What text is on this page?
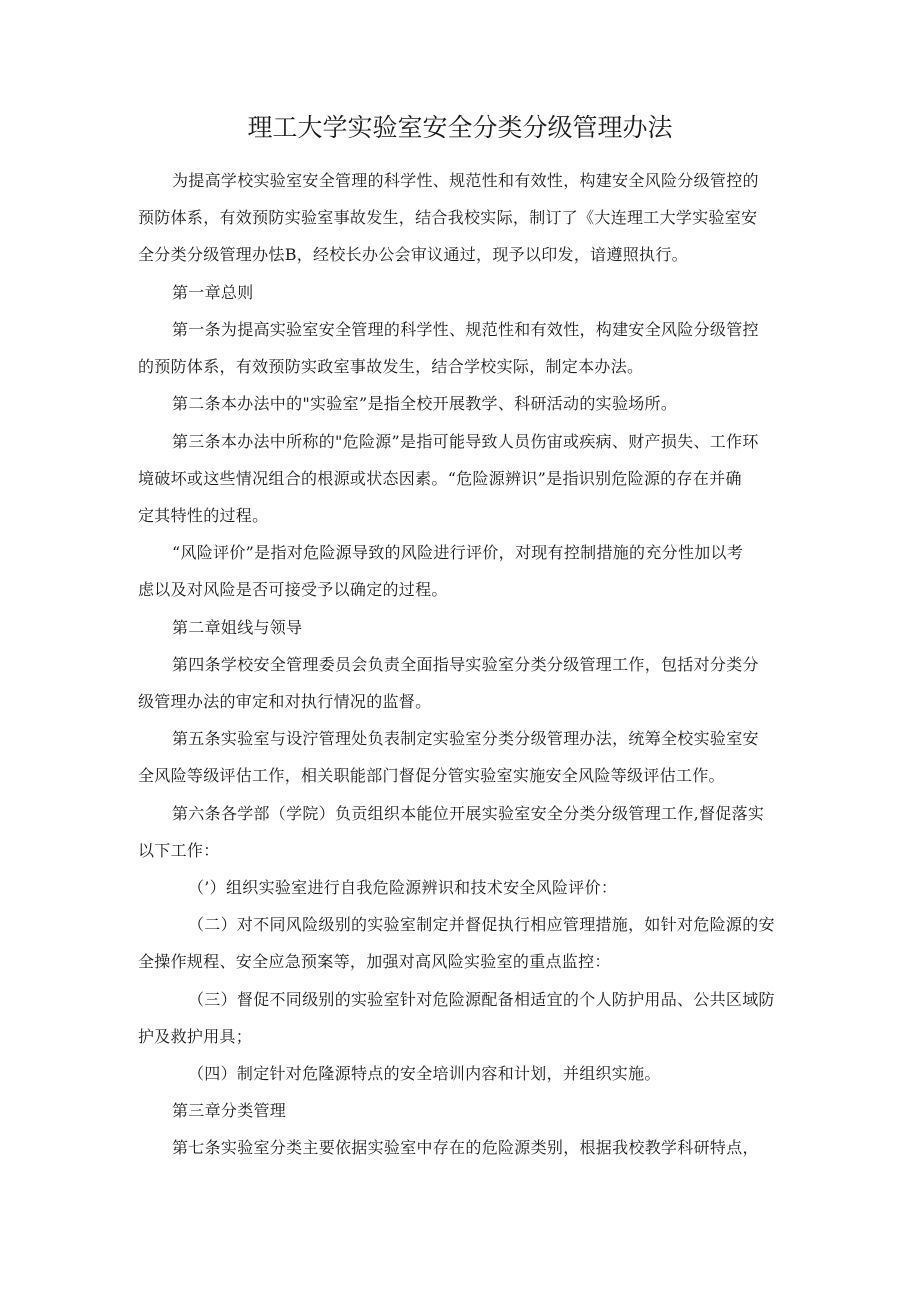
理工大学实验室安全分类分级管理办法
为提高学校实验室安全管理的科学性、规范性和有效性，构建安全风险分级管控的
预防体系，有效预防实验室事故发生，结合我校实际，制订了《大连理工大学实验室安
全分类分级管理办怯B，经校长办公会审议通过，现予以印发，谙遵照执行。
第一章总则
第一条为提高实验室安全管理的科学性、规范性和有效性，构建安全风险分级管控
的预防体系，有效预防实政室事故发生，结合学校实际，制定本办法。
第二条本办法中的"实验室”是指全校开展教学、科研活动的实验场所。
第三条本办法中所称的"危险源”是指可能导致人员伤宙或疾病、财产损失、工作环
境破坏或这些情况组合的根源或状态因素。“危险源辨识”是指识别危险源的存在并确
定其特性的过程。
“风险评价”是指对危险源导致的风险进行评价，对现有控制措施的充分性加以考
虑以及对风险是否可接受予以确定的过程。
第二章姐线与领导
第四条学校安全管理委员会负责全面指导实验室分类分级管理工作，包括对分类分
级管理办法的审定和对执行情况的监督。
第五条实验室与设泞管理处负表制定实验室分类分级管理办法，统筹全校实验室安
全风险等级评估工作，相关职能部门督促分管实验室实施安全风险等级评估工作。
第六条各学部（学院）负贡组织本能位开展实验室安全分类分级管理工作,督促落实
以下工作：
（’）组织实验室进行自我危险源辨识和技术安全风险评价：
（二）对不同风险级别的实验室制定并督促执行相应管理措施，如针对危险源的安
全操作规程、安全应急预案等，加强对高风险实验室的重点监控：
（三）督促不同级别的实验室针对危险源配备相适宜的个人防护用品、公共区域防
护及救护用具；
（四）制定针对危隆源特点的安全培训内容和计划，并组织实施。
第三章分类管理
第七条实验室分类主要依据实验室中存在的危险源类别，根据我校教学科研特点，
